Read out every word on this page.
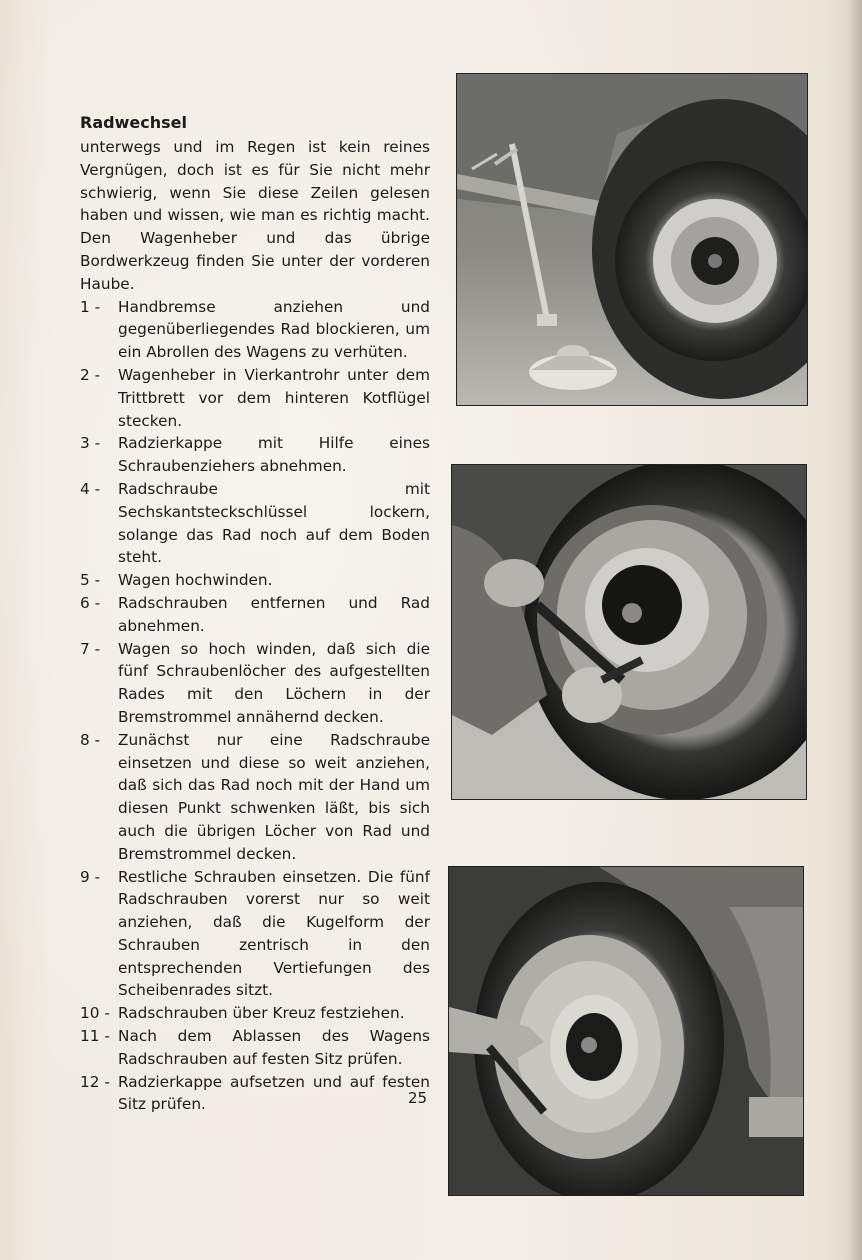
Radwechsel

unterwegs und im Regen ist kein reines Vergnügen, doch ist es für Sie nicht mehr schwierig, wenn Sie diese Zeilen gelesen haben und wissen, wie man es richtig macht. Den Wagenheber und das übrige Bordwerkzeug finden Sie unter der vorderen Haube.

1 -	Handbremse anziehen und gegenüberliegendes Rad blockieren, um ein Abrollen des Wagens zu verhüten.
2 -	Wagenheber in Vierkantrohr unter dem Trittbrett vor dem hinteren Kotflügel stecken.
3 -	Radzierkappe mit Hilfe eines Schraubenziehers abnehmen.
4 -	Radschraube mit Sechskantsteckschlüssel lockern, solange das Rad noch auf dem Boden steht.
5 -	Wagen hochwinden.
6 -	Radschrauben entfernen und Rad abnehmen.
7 -	Wagen so hoch winden, daß sich die fünf Schraubenlöcher des aufgestellten Rades mit den Löchern in der Bremstrommel annähernd decken.
8 -	Zunächst nur eine Radschraube einsetzen und diese so weit anziehen, daß sich das Rad noch mit der Hand um diesen Punkt schwenken läßt, bis sich auch die übrigen Löcher von Rad und Bremstrommel decken.
9 -	Restliche Schrauben einsetzen. Die fünf Radschrauben vorerst nur so weit anziehen, daß die Kugelform der Schrauben zentrisch in den entsprechenden Vertiefungen des Scheibenrades sitzt.
10 - Radschrauben über Kreuz festziehen.
11 - Nach dem Ablassen des Wagens Radschrauben auf festen Sitz prüfen.
12 - Radzierkappe aufsetzen und auf festen Sitz prüfen.	25
